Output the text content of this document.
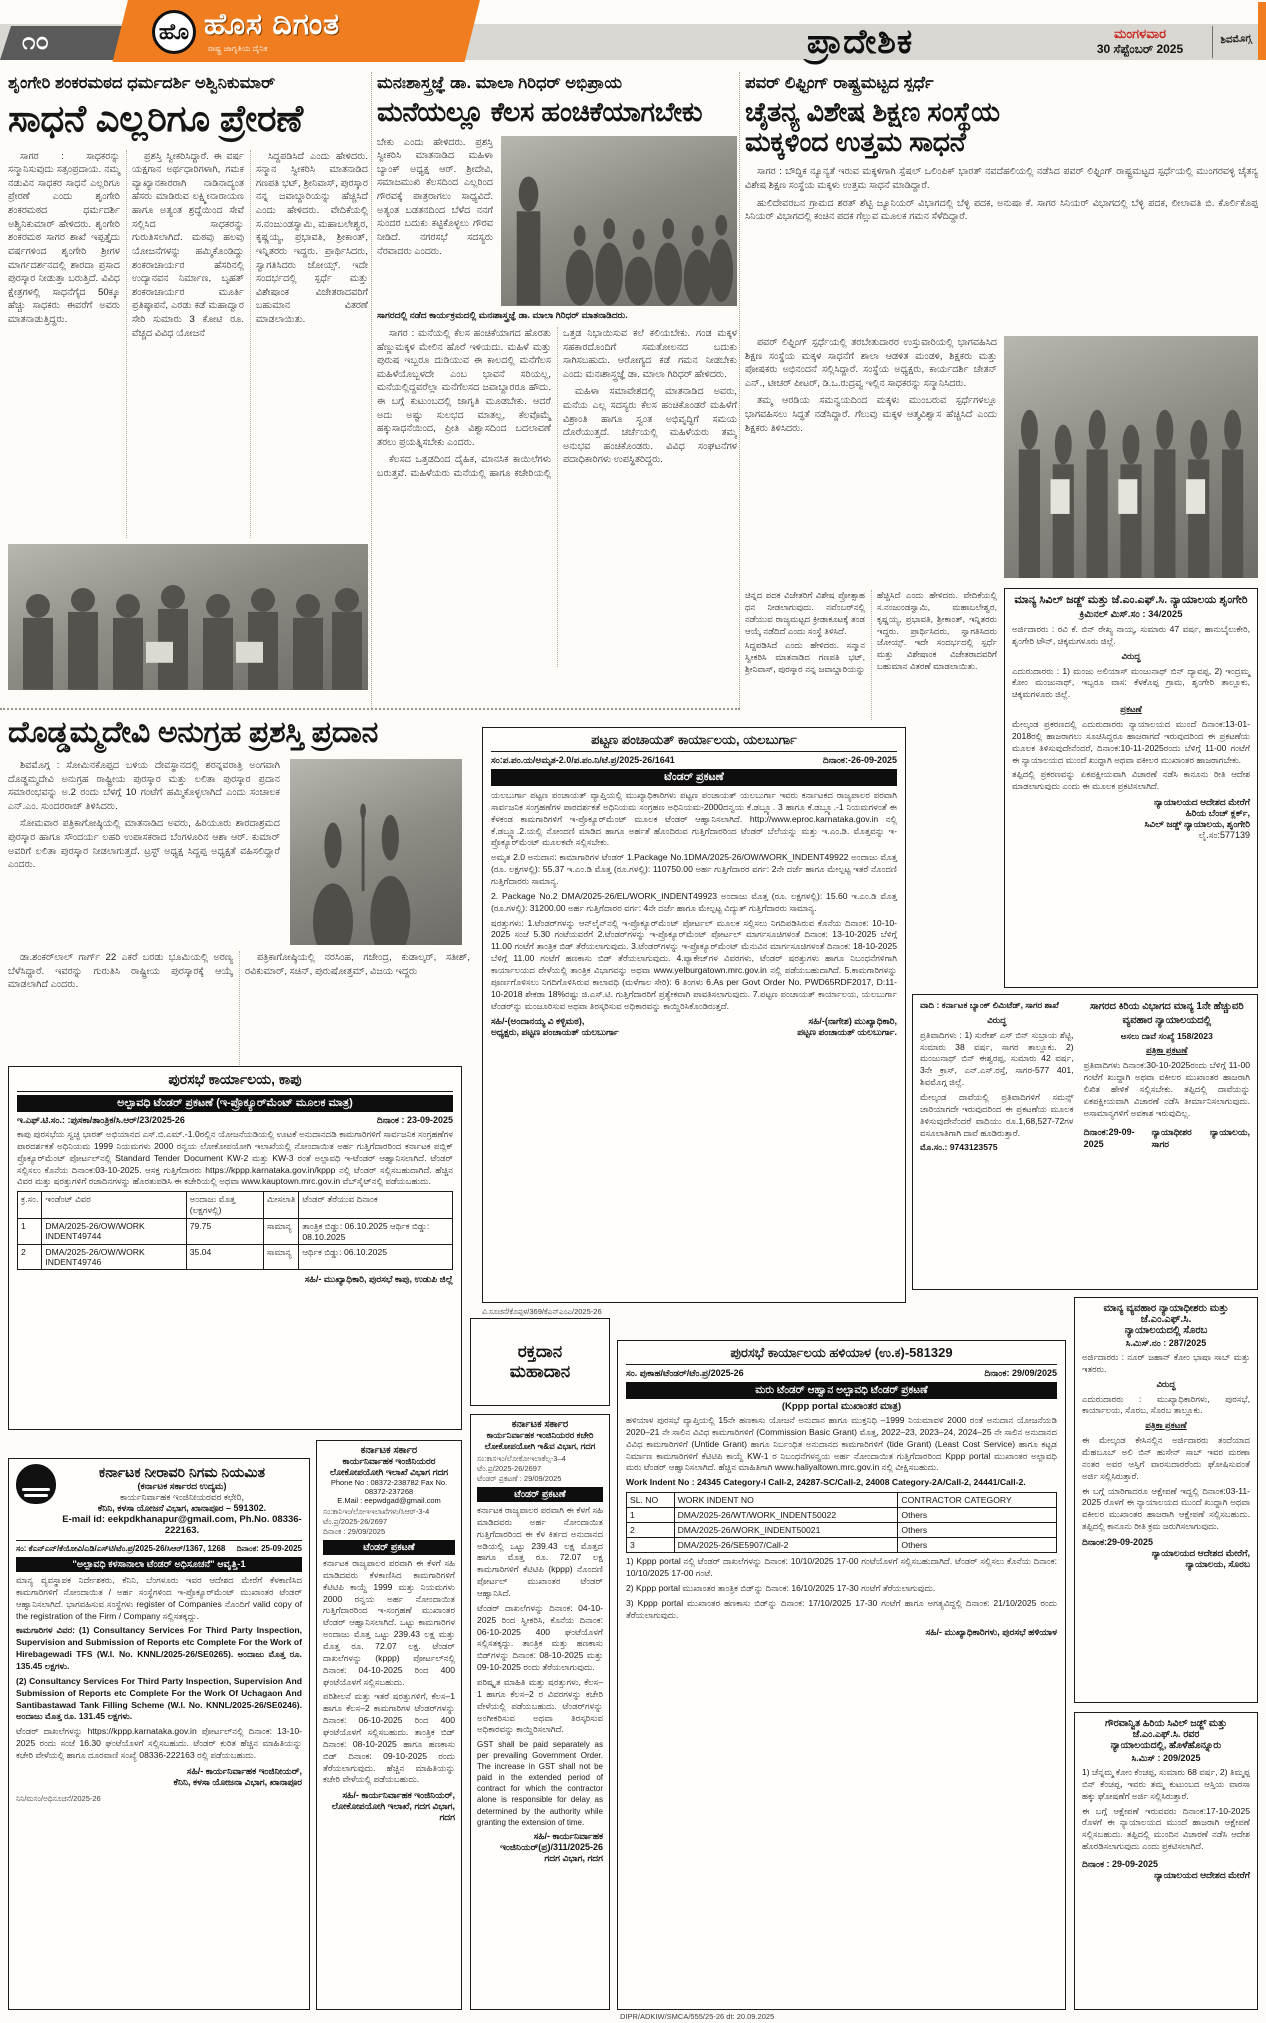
೧೦	ಹೊ ಹೊಸ ದಿಗಂತ
ರಾಷ್ಟ್ರ ಜಾಗೃತಿಯ ದೈನಿಕ	ಪ್ರಾದೇಶಿಕ	ಮಂಗಳವಾರ
30 ಸೆಪ್ಟೆಂಬರ್ 2025
ಶಿವಮೊಗ್ಗ
ಶೃಂಗೇರಿ ಶಂಕರಮಠದ ಧರ್ಮದರ್ಶಿ ಅಶ್ವಿನಿಕುಮಾರ್
ಸಾಧನೆ ಎಲ್ಲರಿಗೂ ಪ್ರೇರಣೆ

ಸಾಗರ : ಸಾಧಕರನ್ನು ಸನ್ಮಾನಿಸುವುದು ಸತ್ಸಂಪ್ರದಾಯ. ನಮ್ಮ ನಡುವಿನ ಸಾಧಕರ ಸಾಧನೆ ಎಲ್ಲರಿಗೂ ಪ್ರೇರಣೆ ಎಂದು ಶೃಂಗೇರಿ ಶಂಕರಮಠದ ಧರ್ಮದರ್ಶಿ ಅಶ್ವಿನಿಕುಮಾರ್ ಹೇಳಿದರು. ಶೃಂಗೇರಿ ಶಂಕರಮಠ ಸಾಗರ ಶಾಖೆ ಇಪ್ಪತ್ತೈದು ವರ್ಷಗಳಿಂದ ಶೃಂಗೇರಿ ಶ್ರೀಗಳ ಮಾರ್ಗದರ್ಶನದಲ್ಲಿ ಶಾರದಾ ಪ್ರಸಾದ ಪುರಸ್ಕಾರ ನೀಡುತ್ತಾ ಬರುತ್ತಿದೆ. ವಿವಿಧ ಕ್ಷೇತ್ರಗಳಲ್ಲಿ ಸಾಧನೆಗೈದ 50ಕ್ಕೂ ಹೆಚ್ಚು ಸಾಧಕರು ಈವರೆಗೆ ಅವರು ಮಾತನಾಡುತ್ತಿದ್ದರು.

ಪ್ರಶಸ್ತಿ ಸ್ವೀಕರಿಸಿದ್ದಾರೆ. ಈ ವರ್ಷ ಯಕ್ಷಗಾನ ಅರ್ಥಧಾರಿಗಳಾಗಿ, ಗಮಕ ವ್ಯಾಖ್ಯಾನಕಾರರಾಗಿ ನಾಡಿನಾದ್ಯಂತ ಹೆಸರು ಮಾಡಿರುವ ಲಕ್ಷ್ಮೀನಾರಾಯಣ ಹಾಗೂ ಅತ್ಯಂತ ಶ್ರದ್ಧೆಯಿಂದ ಸೇವೆ ಸಲ್ಲಿಸಿದ ಸಾಧಕರನ್ನು ಗುರುತಿಸಲಾಗಿದೆ. ಮಠವು ಹಲವು ಯೋಜನೆಗಳನ್ನು ಹಮ್ಮಿಕೊಂಡಿದ್ದು ಶಂಕರಾಚಾರ್ಯರ ಹೆಸರಿನಲ್ಲಿ ಉದ್ಯಾನವನ ನಿರ್ಮಾಣ, ಬೃಹತ್ ಶಂಕರಾಚಾರ್ಯರ ಮೂರ್ತಿ ಪ್ರತಿಷ್ಠಾಪನೆ, ಎರಡು ಕಡೆ ಮಹಾದ್ವಾರ ಸೇರಿ ಸುಮಾರು 3 ಕೋಟಿ ರೂ. ವೆಚ್ಚದ ವಿವಿಧ ಯೋಜನೆ

ಸಿದ್ದಪಡಿಸಿದೆ ಎಂದು ಹೇಳಿದರು. ಸನ್ಮಾನ ಸ್ವೀಕರಿಸಿ ಮಾತನಾಡಿದ ಗಣಪತಿ ಭಟ್, ಶ್ರೀನಿವಾಸ್, ಪುರಸ್ಕಾರ ನನ್ನ ಜವಾಬ್ದಾರಿಯನ್ನು ಹೆಚ್ಚಿಸಿದೆ ಎಂದು ಹೇಳಿದರು. ವೇದಿಕೆಯಲ್ಲಿ ಸ.ನಂಜುಂಡಸ್ವಾಮಿ, ಮಹಾಬಲೇಶ್ವರ, ಕೃಷ್ಣಯ್ಯ, ಪ್ರಭಾವತಿ, ಶ್ರೀಕಾಂತ್, ಇನ್ನಿತರರು ಇದ್ದರು. ಪ್ರಾರ್ಥಿಸಿದರು, ಸ್ವಾಗತಿಸಿದರು ಜೋಯ್ಸ್. ಇದೇ ಸಂದರ್ಭದಲ್ಲಿ ಸ್ಪರ್ಧೆ ಮತ್ತು ವಿಶೇಷಾಂಕ ವಿಜೇತರಾದವರಿಗೆ ಬಹುಮಾನ ವಿತರಣೆ ಮಾಡಲಾಯಿತು.

ಮನಃಶಾಸ್ತ್ರಜ್ಞೆ ಡಾ. ಮಾಲಾ ಗಿರಿಧರ್ ಅಭಿಪ್ರಾಯ
ಮನೆಯಲ್ಲೂ ಕೆಲಸ ಹಂಚಿಕೆಯಾಗಬೇಕು

ಬೇಕು ಎಂದು ಹೇಳಿದರು. ಪ್ರಶಸ್ತಿ ಸ್ವೀಕರಿಸಿ ಮಾತನಾಡಿದ ಮಹಿಳಾ ಬ್ಯಾಂಕ್ ಅಧ್ಯಕ್ಷ ಆರ್. ಶ್ರೀದೇವಿ, ಸಮಾಜಮುಖಿ ಕೆಲಸದಿಂದ ಎಲ್ಲರಿಂದ ಗೌರವಕ್ಕೆ ಪಾತ್ರರಾಗಲು ಸಾಧ್ಯವಿದೆ. ಅತ್ಯಂತ ಬಡತನದಿಂದ ಬೆಳೆದ ನನಗೆ ಸುಂದರ ಬದುಕು ಕಟ್ಟಿಕೊಳ್ಳಲು ಗೌರವ ನೀಡಿದೆ. ನಗರಸಭೆ ಸದಸ್ಯರು ನೆರವಾದರು ಎಂದರು.

ಸಾಗರದಲ್ಲಿ ನಡೆದ ಕಾರ್ಯಕ್ರಮದಲ್ಲಿ ಮನಃಶಾಸ್ತ್ರಜ್ಞೆ ಡಾ. ಮಾಲಾ ಗಿರಿಧರ್ ಮಾತನಾಡಿದರು.

ಸಾಗರ : ಮನೆಯಲ್ಲಿ ಕೆಲಸ ಹಂಚಿಕೆಯಾಗದ ಹೊರತು ಹೆಣ್ಣುಮಕ್ಕಳ ಮೇಲಿನ ಹೊರೆ ಇಳಿಯದು. ಮಹಿಳೆ ಮತ್ತು ಪುರುಷ ಇಬ್ಬರೂ ದುಡಿಯುವ ಈ ಕಾಲದಲ್ಲಿ ಮನೆಗೆಲಸ ಮಹಿಳೆಯೊಬ್ಬಳದೇ ಎಂಬ ಭಾವನೆ ಸರಿಯಲ್ಲ, ಮನೆಯಲ್ಲಿದ್ದವರೆಲ್ಲಾ ಮನೆಗೆಲಸದ ಜವಾಬ್ದಾರರೂ ಹೌದು. ಈ ಬಗ್ಗೆ ಕುಟುಂಬದಲ್ಲಿ ಜಾಗೃತಿ ಮೂಡಬೇಕು. ಆದರೆ ಅದು ಅಷ್ಟು ಸುಲಭದ ಮಾತಲ್ಲ, ಕೆಲವೊಮ್ಮೆ ಹಕ್ಕುಸಾಧನೆಯಿಂದ, ಪ್ರೀತಿ ವಿಶ್ವಾಸದಿಂದ ಬದಲಾವಣೆ ತರಲು ಪ್ರಯತ್ನಿಸಬೇಕು ಎಂದರು.

ಕೆಲಸದ ಒತ್ತಡದಿಂದ ದೈಹಿಕ, ಮಾನಸಿಕ ಕಾಯಿಲೆಗಳು ಬರುತ್ತವೆ. ಮಹಿಳೆಯರು ಮನೆಯಲ್ಲಿ ಹಾಗೂ ಕಚೇರಿಯಲ್ಲಿ ಒತ್ತಡ ನಿಭಾಯಿಸುವ ಕಲೆ ಕಲಿಯಬೇಕು. ಗಂಡ ಮಕ್ಕಳ ಸಹಕಾರದೊಂದಿಗೆ ಸಮತೋಲನದ ಬದುಕು ಸಾಗಿಸಬಹುದು. ಆರೋಗ್ಯದ ಕಡೆ ಗಮನ ನೀಡಬೇಕು ಎಂದು ಮನಃಶಾಸ್ತ್ರಜ್ಞೆ ಡಾ. ಮಾಲಾ ಗಿರಿಧರ್ ಹೇಳಿದರು.

ಮಹಿಳಾ ಸಮಾವೇಶದಲ್ಲಿ ಮಾತನಾಡಿದ ಅವರು, ಮನೆಯ ಎಲ್ಲ ಸದಸ್ಯರು ಕೆಲಸ ಹಂಚಿಕೊಂಡರೆ ಮಹಿಳೆಗೆ ವಿಶ್ರಾಂತಿ ಹಾಗೂ ಸ್ವಂತ ಅಭಿವೃದ್ಧಿಗೆ ಸಮಯ ದೊರೆಯುತ್ತದೆ. ಚರ್ಚೆಯಲ್ಲಿ ಮಹಿಳೆಯರು ತಮ್ಮ ಅನುಭವ ಹಂಚಿಕೊಂಡರು. ವಿವಿಧ ಸಂಘಟನೆಗಳ ಪದಾಧಿಕಾರಿಗಳು ಉಪಸ್ಥಿತರಿದ್ದರು.

ಪವರ್ ಲಿಫ್ಟಿಂಗ್ ರಾಷ್ಟ್ರಮಟ್ಟದ ಸ್ಪರ್ಧೆ
ಚೈತನ್ಯ ವಿಶೇಷ ಶಿಕ್ಷಣ ಸಂಸ್ಥೆಯ
ಮಕ್ಕಳಿಂದ ಉತ್ತಮ ಸಾಧನೆ

ಸಾಗರ : ಬೌದ್ಧಿಕ ನ್ಯೂನ್ಯತೆ ಇರುವ ಮಕ್ಕಳಿಗಾಗಿ ಸ್ಪೆಷಲ್ ಒಲಿಂಪಿಕ್ ಭಾರತ್ ನವದೆಹಲಿಯಲ್ಲಿ ನಡೆಸಿದ ಪವರ್ ಲಿಫ್ಟಿಂಗ್ ರಾಷ್ಟ್ರಮಟ್ಟದ ಸ್ಪರ್ಧೆಯಲ್ಲಿ ಮುಂಗರವಳ್ಳಿ ಚೈತನ್ಯ ವಿಶೇಷ ಶಿಕ್ಷಣ ಸಂಸ್ಥೆಯ ಮಕ್ಕಳು ಉತ್ತಮ ಸಾಧನೆ ಮಾಡಿದ್ದಾರೆ.

ಹುಲಿದೇವರಬನ ಗ್ರಾಮದ ಶರತ್ ಶೆಟ್ಟಿ ಜ್ಯೂನಿಯರ್ ವಿಭಾಗದಲ್ಲಿ ಬೆಳ್ಳಿ ಪದಕ, ಅನುಷಾ ಕೆ. ಸಾಗರ ಸಿನಿಯರ್ ವಿಭಾಗದಲ್ಲಿ ಬೆಳ್ಳಿ ಪದಕ, ಲೀಲಾವತಿ ಬಿ. ಕೊರ್ಲಿಕೊಪ್ಪ ಸಿನಿಯರ್ ವಿಭಾಗದಲ್ಲಿ ಕಂಚಿನ ಪದಕ ಗೆಲ್ಲುವ ಮೂಲಕ ಗಮನ ಸೆಳೆದಿದ್ದಾರೆ.

ಪವರ್ ಲಿಫ್ಟಿಂಗ್ ಸ್ಪರ್ಧೆಯಲ್ಲಿ ತರಬೇತುದಾರರ ಉಸ್ತುವಾರಿಯಲ್ಲಿ ಭಾಗವಹಿಸಿದ ಶಿಕ್ಷಣ ಸಂಸ್ಥೆಯ ಮಕ್ಕಳ ಸಾಧನೆಗೆ ಶಾಲಾ ಆಡಳಿತ ಮಂಡಳಿ, ಶಿಕ್ಷಕರು ಮತ್ತು ಪೋಷಕರು ಅಭಿನಂದನೆ ಸಲ್ಲಿಸಿದ್ದಾರೆ. ಸಂಸ್ಥೆಯ ಅಧ್ಯಕ್ಷರು, ಕಾರ್ಯದರ್ಶಿ ಚೇತನ್ ಎನ್., ಟೀಚರ್ ಪೀಟರ್, ಡಿ.ಒ.ರುದ್ರವ್ವ ಇಲ್ಲಿನ ಸಾಧಕರನ್ನು ಸನ್ಮಾನಿಸಿದರು.

ತಮ್ಮ ಆರಡಿಯ ಸಮನ್ವಯದಿಂದ ಮಕ್ಕಳು ಮುಂಬರುವ ಸ್ಪರ್ಧೆಗಳಲ್ಲೂ ಭಾಗವಹಿಸಲು ಸಿದ್ಧತೆ ನಡೆಸಿದ್ದಾರೆ. ಗೆಲುವು ಮಕ್ಕಳ ಆತ್ಮವಿಶ್ವಾಸ ಹೆಚ್ಚಿಸಿದೆ ಎಂದು ಶಿಕ್ಷಕರು ತಿಳಿಸಿದರು.

ಚಿನ್ನದ ಪದಕ ವಿಜೇತರಿಗೆ ವಿಶೇಷ ಪ್ರೋತ್ಸಾಹ ಧನ ನೀಡಲಾಗುವುದು. ನವೆಂಬರ್‌ನಲ್ಲಿ ನಡೆಯುವ ರಾಜ್ಯಮಟ್ಟದ ಕ್ರೀಡಾಕೂಟಕ್ಕೆ ತಂಡ ಆಯ್ಕೆ ನಡೆದಿದೆ ಎಂದು ಸಂಸ್ಥೆ ತಿಳಿಸಿದೆ.

ಸಿದ್ದಪಡಿಸಿದೆ ಎಂದು ಹೇಳಿದರು. ಸನ್ಮಾನ ಸ್ವೀಕರಿಸಿ ಮಾತನಾಡಿದ ಗಣಪತಿ ಭಟ್, ಶ್ರೀನಿವಾಸ್, ಪುರಸ್ಕಾರ ನನ್ನ ಜವಾಬ್ದಾರಿಯನ್ನು ಹೆಚ್ಚಿಸಿದೆ ಎಂದು ಹೇಳಿದರು. ವೇದಿಕೆಯಲ್ಲಿ ಸ.ನಂಜುಂಡಸ್ವಾಮಿ, ಮಹಾಬಲೇಶ್ವರ, ಕೃಷ್ಣಯ್ಯ, ಪ್ರಭಾವತಿ, ಶ್ರೀಕಾಂತ್, ಇನ್ನಿತರರು ಇದ್ದರು. ಪ್ರಾರ್ಥಿಸಿದರು, ಸ್ವಾಗತಿಸಿದರು ಜೋಯ್ಸ್. ಇದೇ ಸಂದರ್ಭದಲ್ಲಿ ಸ್ಪರ್ಧೆ ಮತ್ತು ವಿಶೇಷಾಂಕ ವಿಜೇತರಾದವರಿಗೆ ಬಹುಮಾನ ವಿತರಣೆ ಮಾಡಲಾಯಿತು.

ಮಾನ್ಯ ಸಿವಿಲ್ ಜಡ್ಜ್ ಮತ್ತು ಜೆ.ಎಂ.ಎಫ್.ಸಿ. ನ್ಯಾಯಾಲಯ ಶೃಂಗೇರಿ
ಕ್ರಿಮಿನಲ್ ಮಿಸ್.ಸಂ : 34/2025

ಅರ್ಜಿದಾರರು : ರವಿ ಕೆ. ಬಿನ್ ರೇಖ್ಯ ನಾಯ್ಕ, ಸುಮಾರು 47 ವರ್ಷ, ಹಾನುಬೈಲುಕೇರಿ, ಶೃಂಗೇರಿ ಟೌನ್, ಚಿಕ್ಕಮಗಳೂರು ಜಿಲ್ಲೆ.

ವಿರುದ್ಧ

ಎದುರುದಾರರು : 1) ಮಂಜು ಅಲಿಯಾಸ್ ಮಂಜುನಾಥ್ ಬಿನ್ ದ್ಯಾವಪ್ಪ, 2) ಇಂದ್ರಮ್ಮ ಕೋಂ ಮಂಜುನಾಥ್, ಇಬ್ಬರೂ ವಾಸ: ಕೆಳಕೊಪ್ಪ ಗ್ರಾಮ, ಶೃಂಗೇರಿ ತಾಲ್ಲೂಕು, ಚಿಕ್ಕಮಗಳೂರು ಜಿಲ್ಲೆ.

ಪ್ರಕಟಣೆ

ಮೇಲ್ಕಂಡ ಪ್ರಕರಣದಲ್ಲಿ ಎದುರುದಾರರು ನ್ಯಾಯಾಲಯದ ಮುಂದೆ ದಿನಾಂಕ:13-01-2018ರಲ್ಲಿ ಹಾಜರಾಗಲು ಸೂಚಿಸಿದ್ದರೂ ಹಾಜರಾಗದೆ ಇರುವುದರಿಂದ ಈ ಪ್ರಕಟಣೆಯ ಮೂಲಕ ತಿಳಿಸುವುದೇನೆಂದರೆ, ದಿನಾಂಕ:10-11-2025ರಂದು ಬೆಳಿಗ್ಗೆ 11-00 ಗಂಟೆಗೆ ಈ ನ್ಯಾಯಾಲಯದ ಮುಂದೆ ಖುದ್ದಾಗಿ ಅಥವಾ ವಕೀಲರ ಮುಖಾಂತರ ಹಾಜರಾಗಬೇಕು.

ತಪ್ಪಿದಲ್ಲಿ ಪ್ರಕರಣವನ್ನು ಏಕಪಕ್ಷೀಯವಾಗಿ ವಿಚಾರಣೆ ನಡೆಸಿ ಕಾನೂನು ರೀತಿ ಆದೇಶ ಮಾಡಲಾಗುವುದು ಎಂದು ಈ ಮೂಲಕ ಪ್ರಕಟಿಸಲಾಗಿದೆ.

ನ್ಯಾಯಾಲಯದ ಆದೇಶದ ಮೇರೆಗೆ
ಹಿರಿಯ ಬೆಂಚ್ ಕ್ಲರ್ಕ್,
ಸಿವಿಲ್ ಜಡ್ಜ್ ನ್ಯಾಯಾಲಯ, ಶೃಂಗೇರಿ
ಲೈ.ಸಂ:577139
ದೊಡ್ಡಮ್ಮದೇವಿ ಅನುಗ್ರಹ ಪ್ರಶಸ್ತಿ ಪ್ರದಾನ

ಶಿವಮೊಗ್ಗ : ಸೋಮಿನಕೊಪ್ಪದ ಬಳಿಯ ದೇವಸ್ಥಾನದಲ್ಲಿ ಶರನ್ನವರಾತ್ರಿ ಅಂಗವಾಗಿ ದೊಡ್ಡಮ್ಮದೇವಿ ಅನುಗ್ರಹ ರಾಷ್ಟ್ರೀಯ ಪುರಸ್ಕಾರ ಮತ್ತು ಲಲಿತಾ ಪುರಸ್ಕಾರ ಪ್ರದಾನ ಸಮಾರಂಭವನ್ನು ಅ.2 ರಂದು ಬೆಳಗ್ಗೆ 10 ಗಂಟೆಗೆ ಹಮ್ಮಿಕೊಳ್ಳಲಾಗಿದೆ ಎಂದು ಸಂಚಾಲಕ ಎನ್.ಎಂ. ಸುಂದರರಾಜ್ ತಿಳಿಸಿದರು.

ಸೋಮವಾರ ಪತ್ರಿಕಾಗೋಷ್ಠಿಯಲ್ಲಿ ಮಾತನಾಡಿದ ಅವರು, ಹಿರಿಯೂರು ಶಾರದಾಶ್ರಮದ ಪುರಸ್ಕಾರ ಹಾಗೂ ಸೌಂದರ್ಯ ಲಹರಿ ಉಪಾಸಕರಾದ ಬೆಂಗಳೂರಿನ ಆಶಾ ಆರ್. ಕುಮಾರ್ ಅವರಿಗೆ ಲಲಿತಾ ಪುರಸ್ಕಾರ ನೀಡಲಾಗುತ್ತದೆ. ಟ್ರಸ್ಟ್ ಅಧ್ಯಕ್ಷ ಸಿದ್ದಪ್ಪ ಅಧ್ಯಕ್ಷತೆ ವಹಿಸಲಿದ್ದಾರೆ ಎಂದರು.

ಡಾ.ಶಂಕರ್‌ಲಾಲ್ ಗಾರ್ಗ್ 22 ಎಕರೆ ಬರಡು ಭೂಮಿಯಲ್ಲಿ ಅರಣ್ಯ ಬೆಳೆಸಿದ್ದಾರೆ. ಇವರನ್ನು ಗುರುತಿಸಿ ರಾಷ್ಟ್ರೀಯ ಪುರಸ್ಕಾರಕ್ಕೆ ಆಯ್ಕೆ ಮಾಡಲಾಗಿದೆ ಎಂದರು.

ಪತ್ರಿಕಾಗೋಷ್ಠಿಯಲ್ಲಿ ನರಸಿಂಹ, ಗಜೇಂದ್ರ, ಕುಡಾಲ್ಕರ್, ಸತೀಶ್, ರವಿಕುಮಾರ್, ಸಚಿನ್, ಪುರುಷೋತ್ತಮ್, ವಿಜಯ ಇದ್ದರು

ಪಟ್ಟಣ ಪಂಚಾಯತ್ ಕಾರ್ಯಾಲಯ, ಯಲಬುರ್ಗಾ
ಸಂ:ಪ.ಪಂ.ಯ/ಅಮೃತ-2.0/ಪ.ಪಂ.ನಿ/ಟೆ.ಪ್ರ/2025-26/1641	ದಿನಾಂಕ:-26-09-2025
ಟೆಂಡರ್ ಪ್ರಕಟಣೆ

ಯಲಬುರ್ಗಾ ಪಟ್ಟಣ ಪಂಚಾಯತ್ ವ್ಯಾಪ್ತಿಯಲ್ಲಿ ಮುಖ್ಯಾಧಿಕಾರಿಗಳು ಪಟ್ಟಣ ಪಂಚಾಯತ್ ಯಲಬುರ್ಗಾ ಇವರು ಕರ್ನಾಟಕದ ರಾಜ್ಯಪಾಲರ ಪರವಾಗಿ ಸಾರ್ವಜನಿಕ ಸಂಗ್ರಹಣೆಗಳ ಪಾರದರ್ಶಕತೆ ಅಧಿನಿಯಮ ಸಂಗ್ರಹಣ ಅಧಿನಿಯಮ-2000ದನ್ವಯ ಕೆ.ಡಬ್ಲ್ಯೂ. 3 ಹಾಗೂ ಕೆ.ಡಬ್ಲ್ಯೂ.-1 ನಿಯಮಗಳಂತೆ ಈ ಕೆಳಕಂಡ ಕಾಮಗಾರಿಗಳಿಗೆ ಇ-ಪ್ರೊಕ್ಯೂರ್‌ಮೆಂಟ್ ಮೂಲಕ ಟೆಂಡರ್ ಆಹ್ವಾನಿಸಲಾಗಿದೆ. http://www.eproc.karnataka.gov.in ನಲ್ಲಿ ಕೆ.ಡಬ್ಲ್ಯೂ.2.ಯಲ್ಲಿ ನೋಂದಣಿ ಮಾಡಿದ ಹಾಗೂ ಅರ್ಹತೆ ಹೊಂದಿರುವ ಗುತ್ತಿಗೆದಾರರಿಂದ ಟೆಂಡರ್ ಬೆಲೆಯನ್ನು ಮತ್ತು ಇ.ಎಂ.ಡಿ. ಮೊತ್ತವನ್ನು ಇ-ಪ್ರೊಕ್ಯೂರ್‌ಮೆಂಟ್ ಮೂಲಕವೇ ಸಲ್ಲಿಸಬೇಕು.

ಅಮೃತ 2.0 ಅನುದಾನ: ಕಾಮಾಗಾರಿಗಳ ಟೆಂಡರ್ 1.Package No.1DMA/2025-26/OW/WORK_INDENT49922 ಅಂದಾಜು ಮೊತ್ತ (ರೂ. ಲಕ್ಷಗಳಲ್ಲಿ): 55.37 ಇ.ಎಂ.ಡಿ ಮೊತ್ತ (ರೂ.ಗಳಲ್ಲಿ): 110750.00 ಅರ್ಹ ಗುತ್ತಿಗೆದಾರರ ವರ್ಗ: 2ನೇ ದರ್ಜೆ ಹಾಗೂ ಮೇಲ್ಪಟ್ಟ ಇತರೆ ನೊಂದಣಿ ಗುತ್ತಿಗೆದಾರರು ಸಾಮಾನ್ಯ.

2. Package No.2 DMA/2025-26/EL/WORK_INDENT49923 ಅಂದಾಜು ಮೊತ್ತ (ರೂ. ಲಕ್ಷಗಳಲ್ಲಿ): 15.60 ಇ.ಎಂ.ಡಿ ಮೊತ್ತ (ರೂ.ಗಳಲ್ಲಿ): 31200.00 ಅರ್ಹ ಗುತ್ತಿಗೆದಾರರ ವರ್ಗ: 4ನೇ ದರ್ಜೆ ಹಾಗೂ ಮೇಲ್ಪಟ್ಟ ವಿದ್ಯುತ್ ಗುತ್ತಿಗೆದಾರರು ಸಾಮಾನ್ಯ.

ಷರತ್ತುಗಳು: 1.ಟೆಂಡರ್‌ಗಳನ್ನು ಆನ್‌ಲೈನ್‌ನಲ್ಲಿ ಇ-ಪ್ರೊಕ್ಯೂರ್‌ಮೆಂಟ್ ಪೋರ್ಟಲ್ ಮೂಲಕ ಸಲ್ಲಿಸಲು ನಿಗದಿಪಡಿಸಿರುವ ಕೊನೆಯ ದಿನಾಂಕ: 10-10-2025 ಸಂಜೆ 5.30 ಗಂಟೆಯವರೆಗೆ 2.ಟೆಂಡರ್‌ಗಳನ್ನು ಇ-ಪ್ರೊಕ್ಯೂರ್‌ಮೆಂಟ್ ಪೋರ್ಟಲ್ ಮಾರ್ಗಸೂಚಿಗಳಂತೆ ದಿನಾಂಕ: 13-10-2025 ಬೆಳಿಗ್ಗೆ 11.00 ಗಂಟೆಗೆ ತಾಂತ್ರಿಕ ಬಿಡ್ ತೆರೆಯಲಾಗುವುದು. 3.ಟೆಂಡರ್‌ಗಳನ್ನು ಇ-ಪ್ರೊಕ್ಯೂರ್‌ಮೆಂಟ್ ಮೆನುವಿನ ಮಾರ್ಗಸೂಚಿಗಳಂತೆ ದಿನಾಂಕ: 18-10-2025 ಬೆಳಿಗ್ಗೆ 11.00 ಗಂಟೆಗೆ ಹಣಕಾಸು ಬಿಡ್ ತೆರೆಯಲಾಗುವುದು. 4.ಪ್ಯಾಕೇಜ್‌ಗಳ ವಿವರಗಳು, ಟೆಂಡರ್ ಷರತ್ತುಗಳು ಹಾಗೂ ನಿಬಂಧನೆಗಳಿಗಾಗಿ ಕಾರ್ಯಾಲಯದ ವೇಳೆಯಲ್ಲಿ ತಾಂತ್ರಿಕ ವಿಭಾಗವನ್ನು ಅಥವಾ www.yelburgatown.mrc.gov.in ನಲ್ಲಿ ಪಡೆಯಬಹುದಾಗಿದೆ. 5.ಕಾಮಗಾರಿಗಳನ್ನು ಪೂರ್ಣಗೊಳಿಸಲು ನಿಗದಿಗೊಳಿಸಿರುವ ಕಾಲಾವಧಿ (ಮಳೆಗಾಲ ಸೇರಿ): 6 ತಿಂಗಳು 6.As per Govt Order No. PWD65RDF2017, D:11-10-2018 ಶೇಕಡಾ 18%ರಷ್ಟು ಜಿ.ಎಸ್.ಟಿ. ಗುತ್ತಿಗೆದಾರರಿಗೆ ಪ್ರತ್ಯೇಕವಾಗಿ ಪಾವತಿಸಲಾಗುವುದು. 7.ಪಟ್ಟಣ ಪಂಚಾಯತ್ ಕಾರ್ಯಾಲಯ, ಯಲಬುರ್ಗಾ ಟೆಂಡರ್‌ನ್ನು ಮಂಜೂರಿಸುವ ಅಥವಾ ತಿರಸ್ಕರಿಸುವ ಅಧಿಕಾರವನ್ನು ಕಾಯ್ದಿರಿಸಿಕೊಂಡಿರುತ್ತದೆ.

ಸಹಿ/-(ಅಂದಾನಯ್ಯ ವಿ ಕಳ್ಳಿಮಠ),
ಅಧ್ಯಕ್ಷರು, ಪಟ್ಟಣ ಪಂಚಾಯತ್ ಯಲಬುರ್ಗಾ
ಸಹಿ/-(ನಾಗೇಶ) ಮುಖ್ಯಾಧಿಕಾರಿ,
ಪಟ್ಟಣ ಪಂಚಾಯತ್ ಯಲಬುರ್ಗಾ.
ವಿ.ಸೂಚನೆ/ಕೊಪ್ಪಳ/369/ಕೆಎನ್ಎಂಎ/2025-26

ವಾದಿ : ಕರ್ನಾಟಕ ಬ್ಯಾಂಕ್ ಲಿಮಿಟೆಡ್, ಸಾಗರ ಶಾಖೆ

ವಿರುದ್ಧ

ಪ್ರತಿವಾದಿಗಳು : 1) ಸುರೇಶ್ ಎಸ್ ಬಿನ್ ಸುಬ್ರಾಯ ಶೆಟ್ಟಿ, ಸುಮಾರು 38 ವರ್ಷ, ಸಾಗರ ತಾಲ್ಲೂಕು. 2) ಮಂಜುನಾಥ್ ಬಿನ್ ಈಶ್ವರಪ್ಪ, ಸುಮಾರು 42 ವರ್ಷ, 3ನೇ ಕ್ರಾಸ್, ಎನ್.ಎಸ್.ರಸ್ತೆ, ಸಾಗರ-577 401, ಶಿವಮೊಗ್ಗ ಜಿಲ್ಲೆ.

ಮೇಲ್ಕಂಡ ದಾವೆಯಲ್ಲಿ ಪ್ರತಿವಾದಿಗಳಿಗೆ ಸಮನ್ಸ್ ಜಾರಿಯಾಗದೇ ಇರುವುದರಿಂದ ಈ ಪ್ರಕಟಣೆಯ ಮೂಲಕ ತಿಳಿಸುವುದೇನೆಂದರೆ ವಾದಿಯು ರೂ.1,68,527-72ಗಳ ವಸೂಲಾತಿಗಾಗಿ ದಾವೆ ಹೂಡಿರುತ್ತಾರೆ.

ಮೊ.ಸಂ.: 9743123575

ಸಾಗರದ ಕಿರಿಯ ವಿಭಾಗದ ಮಾನ್ಯ 1ನೇ ಹೆಚ್ಚುವರಿ ವ್ಯವಹಾರ ನ್ಯಾಯಾಲಯದಲ್ಲಿ

ಅಸಲು ದಾವೆ ಸಂಖ್ಯೆ 158/2023

ಪತ್ರಿಕಾ ಪ್ರಕಟಣೆ

ಪ್ರತಿವಾದಿಗಳು ದಿನಾಂಕ:30-10-2025ರಂದು ಬೆಳಿಗ್ಗೆ 11-00 ಗಂಟೆಗೆ ಖುದ್ದಾಗಿ ಅಥವಾ ವಕೀಲರ ಮುಖಾಂತರ ಹಾಜರಾಗಿ ಲಿಖಿತ ಹೇಳಿಕೆ ಸಲ್ಲಿಸಬೇಕು. ತಪ್ಪಿದಲ್ಲಿ ದಾವೆಯನ್ನು ಏಕಪಕ್ಷೀಯವಾಗಿ ವಿಚಾರಣೆ ನಡೆಸಿ ತೀರ್ಮಾನಿಸಲಾಗುವುದು. ಅಸಾಮಾನ್ಯಗಳಿಗೆ ಅವಕಾಶ ಇರುವುದಿಲ್ಲ.

ದಿನಾಂಕ:29-09-2025
ನ್ಯಾಯಾಧೀಶರ ನ್ಯಾಯಾಲಯ, ಸಾಗರ
ಪುರಸಭೆ ಕಾರ್ಯಾಲಯ, ಕಾಪು
ಅಲ್ಪಾವಧಿ ಟೆಂಡರ್ ಪ್ರಕಟಣೆ (ಇ-ಪ್ರೊಕ್ಯೂರ್‌ಮೆಂಟ್ ಮೂಲಕ ಮಾತ್ರ)
ಇ.ಎಫ್.ಟಿ.ಸಂ.: :ಪುಸಕಾ/ತಾಂತ್ರಿಕ/ಸಿ.ಆರ್/23/2025-26	ದಿನಾಂಕ : 23-09-2025

ಕಾಪು ಪುರಸಭೆಯ ಸ್ವಚ್ಛ ಭಾರತ್ ಅಭಿಯಾನದ ಎಸ್.ಬಿ.ಎಮ್.-1.0ರಲ್ಲಿನ ಯೋಜನೆಯಡಿಯಲ್ಲಿ ಊಟಕೆ ಅನುದಾನದಡಿ ಕಾಮಗಾರಿಗಳಿಗೆ ಸಾರ್ವಜನಿಕ ಸಂಗ್ರಹಣೆಗಳ ಪಾರದರ್ಶಕತೆ ಅಧಿನಿಯಮ 1999 ನಿಯಮಗಳು 2000 ರನ್ವಯ ಲೋಕೋಪಯೋಗಿ ಇಲಾಖೆಯಲ್ಲಿ ನೋಂದಾಯಿತ ಅರ್ಹ ಗುತ್ತಿಗೆದಾರರಿಂದ ಕರ್ನಾಟಕ ಪಬ್ಲಿಕ್ ಪ್ರೊಕ್ಯೂರ್‌ಮೆಂಟ್ ಪೋರ್ಟಲ್‌ನಲ್ಲಿ Standard Tender Document KW-2 ಮತ್ತು KW-3 ರಂತೆ ಅಲ್ಪಾವಧಿ ಇ-ಟೆಂಡರ್ ಆಹ್ವಾನಿಸಲಾಗಿದೆ. ಟೆಂಡರ್ ಸಲ್ಲಿಸಲು ಕೊನೆಯ ದಿನಾಂಕ:03-10-2025. ಆಸಕ್ತ ಗುತ್ತಿಗೆದಾರರು https://kppp.karnataka.gov.in/kppp ನಲ್ಲಿ ಟೆಂಡರ್ ಸಲ್ಲಿಸಬಹುದಾಗಿದೆ. ಹೆಚ್ಚಿನ ವಿವರ ಮತ್ತು ಷರತ್ತುಗಳಿಗೆ ರಜಾದಿನಗಳನ್ನು ಹೊರತುಪಡಿಸಿ ಈ ಕಚೇರಿಯಲ್ಲಿ ಅಥವಾ www.kauptown.mrc.gov.in ವೆಬ್‌ಸೈಟ್‌ನಲ್ಲಿ ಪಡೆಯಬಹುದು.

ಕ್ರ.ಸಂ.	ಇಂಡೆಂಟ್ ವಿವರ	ಅಂದಾಜು ಮೊತ್ತ (ಲಕ್ಷಗಳಲ್ಲಿ)	ಮೀಸಲಾತಿ	ಟೆಂಡರ್ ತೆರೆಯುವ ದಿನಾಂಕ
1	DMA/2025-26/OW/WORK INDENT49744	79.75	ಸಾಮಾನ್ಯ	ತಾಂತ್ರಿಕ ಬಿಡ್ಡು: 06.10.2025 ಆರ್ಥಿಕ ಬಿಡ್ಡು: 08.10.2025
2	DMA/2025-26/OW/WORK INDENT49746	35.04	ಸಾಮಾನ್ಯ	ಆರ್ಥಿಕ ಬಿಡ್ಡು: 06.10.2025
ಸಹಿ/- ಮುಖ್ಯಾಧಿಕಾರಿ, ಪುರಸಭೆ ಕಾಪು, ಉಡುಪಿ ಜಿಲ್ಲೆ
ಮಾನ್ಯ ವ್ಯವಹಾರ ನ್ಯಾಯಾಧೀಶರು ಮತ್ತು ಜೆ.ಎಂ.ಎಫ್.ಸಿ.
ನ್ಯಾಯಾಲಯದಲ್ಲಿ ಸೊರಬ
ಸಿ.ಮಿಸ್.ನಂ : 287/2025

ಅರ್ಜಿದಾರರು : ನೂರ್ ಜಹಾನ್ ಕೋಂ ಭಾಷಾ ಸಾಬ್ ಮತ್ತು ಇತರರು.

ವಿರುದ್ಧ

ಎದುರುದಾರರು : ಮುಖ್ಯಾಧಿಕಾರಿಗಳು, ಪುರಸಭೆ, ಕಾರ್ಯಾಲಯ, ಸೊರಬ, ಸೊರಬ ತಾಲ್ಲೂಕು.

ಪತ್ರಿಕಾ ಪ್ರಕಟಣೆ

ಈ ಮೇಲ್ಕಂಡ ಕೇಸಿನಲ್ಲಿನ ಅರ್ಜಿದಾರರು ತಂದೆಯಾದ ಮೆಹಬೂಬ್ ಅಲಿ ಬಿನ್ ಹುಸೇನ್ ಸಾಬ್ ಇವರ ಮರಣಾ ನಂತರ ಅವರ ಆಸ್ತಿಗೆ ವಾರಸುದಾರರೆಂದು ಘೋಷಿಸುವಂತೆ ಅರ್ಜಿ ಸಲ್ಲಿಸಿರುತ್ತಾರೆ.

ಈ ಬಗ್ಗೆ ಯಾರಿಗಾದರೂ ಆಕ್ಷೇಪಣೆ ಇದ್ದಲ್ಲಿ ದಿನಾಂಕ:03-11-2025 ರೊಳಗೆ ಈ ನ್ಯಾಯಾಲಯದ ಮುಂದೆ ಖುದ್ದಾಗಿ ಅಥವಾ ವಕೀಲರ ಮುಖಾಂತರ ಹಾಜರಾಗಿ ಆಕ್ಷೇಪಣೆ ಸಲ್ಲಿಸಬಹುದು. ತಪ್ಪಿದಲ್ಲಿ ಕಾನೂನು ರೀತಿ ಕ್ರಮ ಜರುಗಿಸಲಾಗುವುದು.

ದಿನಾಂಕ:29-09-2025
ನ್ಯಾಯಾಲಯದ ಆದೇಶದ ಮೇರೆಗೆ,
ನ್ಯಾಯಾಲಯ, ಸೊರಬ
ರಕ್ತದಾನ
ಮಹಾದಾನ
ಪುರಸಭೆ ಕಾರ್ಯಾಲಯ ಹಳಿಯಾಳ (ಉ.ಕ)-581329
ಸಂ. ಪುಕಾಹ/ಟೆಂಡರ್/ಟೆಂ.ಪ್ರ/2025-26	ದಿನಾಂಕ: 29/09/2025
ಮರು ಟೆಂಡರ್ ಆಹ್ವಾನ ಅಲ್ಪಾವಧಿ ಟೆಂಡರ್ ಪ್ರಕಟಣೆ
(Kppp portal ಮುಖಾಂತರ ಮಾತ್ರ)

ಹಳಿಯಾಳ ಪುರಸಭೆ ವ್ಯಾಪ್ತಿಯಲ್ಲಿ 15ನೇ ಹಣಕಾಸು ಯೋಜನೆ ಅನುದಾನ ಹಾಗೂ ಮುಕ್ತನಿಧಿ –1999 ನಿಯಮಾವಳಿ 2000 ರಂತೆ ಅನುದಾನ ಯೋಜನೆಯಡಿ 2020–21 ನೇ ಸಾಲಿನ ವಿವಿಧ ಕಾಮಗಾರಿಗಳಿಗೆ (Commission Basic Grant) ಮೊತ್ತ, 2022–23, 2023–24, 2024–25 ನೇ ಸಾಲಿನ ಅನುದಾನದ ವಿವಿಧ ಕಾಮಗಾರಿಗಳಿಗೆ (Untide Grant) ಹಾಗೂ ನಿರ್ಬಂಧಿತ ಅನುದಾನದ ಕಾಮಗಾರಿಗಳಿಗೆ (tide Grant) (Least Cost Service) ಹಾಗೂ ಕಟ್ಟಡ ನಿರ್ಮಾಣ ಕಾಮಗಾರಿಗಳಿಗೆ ಕೆಟಿಟಿಪಿ ಕಾಯ್ದೆ KW-1 ರ ನಿಬಂಧನೆಗಳನ್ವಯ ಅರ್ಹ ನೋಂದಾಯಿತ ಗುತ್ತಿಗೆದಾರರಿಂದ Kppp portal ಮುಖಾಂತರ ಅಲ್ಪಾವಧಿ ಮರು ಟೆಂಡರ್ ಆಹ್ವಾನಿಸಲಾಗಿದೆ. ಹೆಚ್ಚಿನ ಮಾಹಿತಿಗಾಗಿ www.haliyaltown.mrc.gov.in ನಲ್ಲಿ ವೀಕ್ಷಿಸಬಹುದು.

Work Indent No : 24345 Category-I Call-2, 24287-SC/Call-2, 24008 Category-2A/Call-2, 24441/Call-2.

SL. NO	WORK INDENT NO	CONTRACTOR CATEGORY
1	DMA/2025-26/WT/WORK_INDENT50022	Others
2	DMA/2025-26/WORK_INDENT50021	Others
3	DMA/2025-26/SE5907/Call-2	Others

1) Kppp portal ನಲ್ಲಿ ಟೆಂಡರ್ ದಾಖಲೆಗಳನ್ನು ದಿನಾಂಕ: 10/10/2025 17-00 ಗಂಟೆಯೊಳಗೆ ಸಲ್ಲಿಸಬಹುದಾಗಿದೆ. ಟೆಂಡರ್ ಸಲ್ಲಿಸಲು ಕೊನೆಯ ದಿನಾಂಕ: 10/10/2025 17-00 ಗಂಟೆ.

2) Kppp portal ಮುಖಾಂತರ ತಾಂತ್ರಿಕ ಬಿಡ್‌ನ್ನು ದಿನಾಂಕ: 16/10/2025 17-30 ಗಂಟೆಗೆ ತೆರೆಯಲಾಗುವುದು.

3) Kppp portal ಮುಖಾಂತರ ಹಣಕಾಸು ಬಿಡ್‌ನ್ನು ದಿನಾಂಕ: 17/10/2025 17-30 ಗಂಟೆಗೆ ಹಾಗೂ ಅಗತ್ಯವಿದ್ದಲ್ಲಿ ದಿನಾಂಕ: 21/10/2025 ರಂದು ತೆರೆಯಲಾಗುವುದು.

ಸಹಿ/- ಮುಖ್ಯಾಧಿಕಾರಿಗಳು, ಪುರಸಭೆ ಹಳಿಯಾಳ
ಕರ್ನಾಟಕ ನೀರಾವರಿ ನಿಗಮ ನಿಯಮಿತ
(ಕರ್ನಾಟಕ ಸರ್ಕಾರದ ಉದ್ಯಮ)
ಕಾರ್ಯನಿರ್ವಾಹಕ ಇಂಜಿನೀಯರವರ ಕಛೇರಿ,
ಕೆನಿನಿ, ಕಳಸಾ ಯೋಜನೆ ವಿಭಾಗ, ಖಾನಾಪೂರ – 591302.
E-mail id: eekpdkhanapur@gmail.com, Ph.No. 08336-222163.
ಸಂ: ಕೆಎನ್‌ಎನ್/ಕೆಯೋವಿ/ಎಡಿ/ಎಸ್‌ಟಿ/ಟೆಂ.ಪ್ರ/2025-26/ಸಿಆರ್/1367, 1268 ದಿನಾಂಕ: 25-09-2025
"ಅಲ್ಪಾವಧಿ ಕಳಸಾನಾಲಾ ಟೆಂಡರ್ ಅಧಿಸೂಚನೆ" ಆವೃತ್ತಿ-1

ಮಾನ್ಯ ವ್ಯವಸ್ಥಾಪಕ ನಿರ್ದೇಶಕರು, ಕೆನಿನಿ, ಬೆಂಗಳೂರು ಇವರ ಆದೇಶದ ಮೇರೆಗೆ ಕೆಳಕಾಣಿಸಿದ ಕಾಮಗಾರಿಗಳಿಗೆ ನೋಂದಾಯಿತ / ಅರ್ಹ ಸಂಸ್ಥೆಗಳಿಂದ ಇ-ಪ್ರೊಕ್ಯೂರ್‌ಮೆಂಟ್ ಮುಖಾಂತರ ಟೆಂಡರ್ ಆಹ್ವಾನಿಸಲಾಗಿದೆ. ಭಾಗವಹಿಸುವ ಸಂಸ್ಥೆಗಳು register of Companies ನೊಂದಿಗೆ valid copy of the registration of the Firm / Company ಸಲ್ಲಿಸತಕ್ಕದ್ದು.

ಕಾಮಗಾರಿಗಳ ವಿವರ: (1) Consultancy Services For Third Party Inspection, Supervision and Submission of Reports etc Complete For the Work of Hirebagewadi TFS (W.I. No. KNNL/2025-26/SE0265). ಅಂದಾಜು ಮೊತ್ತ ರೂ. 135.45 ಲಕ್ಷಗಳು.

(2) Consultancy Services For Third Party Inspection, Supervision And Submission of Reports etc Complete For the Work Of Uchagaon And Santibastawad Tank Filling Scheme (W.I. No. KNNL/2025-26/SE0246). ಅಂದಾಜು ಮೊತ್ತ ರೂ. 131.45 ಲಕ್ಷಗಳು.

ಟೆಂಡರ್ ದಾಖಲೆಗಳನ್ನು https://kppp.karnataka.gov.in ಪೋರ್ಟಲ್‌ನಲ್ಲಿ ದಿನಾಂಕ: 13-10-2025 ರಂದು ಸಂಜೆ 16.30 ಘಂಟೆಯೊಳಗೆ ಸಲ್ಲಿಸಬಹುದು. ಟೆಂಡರ್ ಕುರಿತ ಹೆಚ್ಚಿನ ಮಾಹಿತಿಯನ್ನು ಕಚೇರಿ ವೇಳೆಯಲ್ಲಿ ಹಾಗೂ ದೂರವಾಣಿ ಸಂಖ್ಯೆ 08336-222163 ರಲ್ಲಿ ಪಡೆಯಬಹುದು.

ಸಹಿ/- ಕಾರ್ಯನಿರ್ವಾಹಕ ಇಂಜಿನೀಯರ್,
ಕೆನಿನಿ, ಕಳಸಾ ಯೋಜನಾ ವಿಭಾಗ, ಖಾನಾಪೂರ
ನಿನಿ/ಮಸಂ/ಅಧಿಸೂಚನೆ/2025-26
ಕರ್ನಾಟಕ ಸರ್ಕಾರ
ಕಾರ್ಯನಿರ್ವಾಹಕ ಇಂಜಿನಿಯರರ
ಲೋಕೋಪಯೋಗಿ ಇಲಾಖೆ ವಿಭಾಗ ಗದಗ
Phone No : 08372-238782 Fax No. 08372-237268
E.Mail : eepwdgad@gmail.com
ಸಂ:ಕಾನಿಇಂ/ಲೋಇಇಲಾಖೆಗಳು/ಸಿಆರ್-3-4 ಟೆಂ.ಪ್ರ/2025-26/2697
ದಿನಾಂಕ : 29/09/2025
ಟೆಂಡರ್ ಪ್ರಕಟಣೆ

ಕರ್ನಾಟಕ ರಾಜ್ಯಪಾಲರ ಪರವಾಗಿ ಈ ಕೆಳಗೆ ಸಹಿ ಮಾಡಿದವರು ಕೆಳಕಾಣಿಸಿದ ಕಾಮಗಾರಿಗಳಿಗೆ ಕೆಟಿಟಿಪಿ ಕಾಯ್ದೆ 1999 ಮತ್ತು ನಿಯಮಗಳು 2000 ರನ್ವಯ ಅರ್ಹ ನೋಂದಾಯಿತ ಗುತ್ತಿಗೆದಾರರಿಂದ ಇ-ಸಂಗ್ರಹಣೆ ಮುಖಾಂತರ ಟೆಂಡರ್ ಆಹ್ವಾನಿಸಲಾಗಿದೆ. ಒಟ್ಟು ಕಾಮಗಾರಿಗಳ ಅಂದಾಜು ಮೊತ್ತ ಒಟ್ಟು 239.43 ಲಕ್ಷ ಮತ್ತು ಮೊತ್ತ ರೂ. 72.07 ಲಕ್ಷ. ಟೆಂಡರ್ ದಾಖಲೆಗಳನ್ನು (kppp) ಪೋರ್ಟಲ್‌ನಲ್ಲಿ ದಿನಾಂಕ: 04-10-2025 ರಿಂದ 400 ಘಂಟೆಯೊಳಗೆ ಸಲ್ಲಿಸಬಹುದು.

ಪರಿಶೀಲನೆ ಮತ್ತು ಇತರೆ ಷರತ್ತುಗಳಿಗೆ, ಕೆಲಸ–1 ಹಾಗೂ ಕೆಲಸ–2 ಕಾಮಗಾರಿಗಳ ಟೆಂಡರ್‌ಗಳನ್ನು ದಿನಾಂಕ: 06-10-2025 ರಿಂದ 400 ಘಂಟೆಯೊಳಗೆ ಸಲ್ಲಿಸಬಹುದು. ತಾಂತ್ರಿಕ ಬಿಡ್ ದಿನಾಂಕ: 08-10-2025 ಹಾಗೂ ಹಣಕಾಸು ಬಿಡ್ ದಿನಾಂಕ: 09-10-2025 ರಂದು ತೆರೆಯಲಾಗುವುದು. ಹೆಚ್ಚಿನ ಮಾಹಿತಿಯನ್ನು ಕಚೇರಿ ವೇಳೆಯಲ್ಲಿ ಪಡೆಯಬಹುದು.

ಸಹಿ/- ಕಾರ್ಯನಿರ್ವಾಹಕ ಇಂಜಿನಿಯರ್,
ಲೋಕೋಪಯೋಗಿ ಇಲಾಖೆ, ಗದಗ ವಿಭಾಗ, ಗದಗ
ಕರ್ನಾಟಕ ಸರ್ಕಾರ
ಕಾರ್ಯನಿರ್ವಾಹಕ ಇಂಜಿನಿಯರರ ಕಚೇರಿ
ಲೋಕೋಪಯೋಗಿ ಇ&ವ ವಿಭಾಗ, ಗದಗ
ಸಂ:ಕಾಸಇಂ/ಲೋಕೋಇಲಾಕೆಲ್ಸ-3–4 ಟೆಂ.ಪ್ರ/2025-26/2697
ಟೆಂಡರ್ ಪ್ರಕಟಣೆ : 29/09/2025
ಟೆಂಡರ್ ಪ್ರಕಟಣೆ

ಕರ್ನಾಟಕ ರಾಜ್ಯಪಾಲರ ಪರವಾಗಿ ಈ ಕೆಳಗೆ ಸಹಿ ಮಾಡಿದವರು ಅರ್ಹ ನೋಂದಾಯಿತ ಗುತ್ತಿಗೆದಾರರಿಂದ ಈ ಕೆಳ ಕಿರ್ತದ ಅನುದಾನದ ಅಡಿಯಲ್ಲಿ ಒಟ್ಟು 239.43 ಲಕ್ಷ ಮೊತ್ತದ ಹಾಗೂ ಮೊತ್ತ ರೂ. 72.07 ಲಕ್ಷ ಕಾಮಗಾರಿಗಳಿಗೆ ಕೆಟಿಟಿಪಿ (kppp) ನೊಂದಣಿ ಪೋರ್ಟಲ್ ಮುಖಾಂತರ ಟೆಂಡರ್ ಆಹ್ವಾನಿಸಿದೆ.

ಟೆಂಡರ್ ದಾಖಲೆಗಳನ್ನು ದಿನಾಂಕ: 04-10-2025 ರಿಂದ ಸ್ವೀಕರಿಸಿ, ಕೊನೆಯ ದಿನಾಂಕ: 06-10-2025 400 ಘಂಟೆಯೊಳಗೆ ಸಲ್ಲಿಸತಕ್ಕದ್ದು. ತಾಂತ್ರಿಕ ಮತ್ತು ಹಣಕಾಸು ಬಿಡ್‌ಗಳನ್ನು ದಿನಾಂಕ: 08-10-2025 ಮತ್ತು 09-10-2025 ರಂದು ತೆರೆಯಲಾಗುವುದು.

ಪರಿಷ್ಕೃತ ಮಾಹಿತಿ ಮತ್ತು ಷರತ್ತುಗಳು, ಕೆಲಸ–1 ಹಾಗೂ ಕೆಲಸ–2 ರ ವಿವರಗಳನ್ನು ಕಚೇರಿ ವೇಳೆಯಲ್ಲಿ ಪಡೆಯಬಹುದು. ಟೆಂಡರ್‌ಗಳನ್ನು ಅಂಗೀಕರಿಸುವ ಅಥವಾ ತಿರಸ್ಕರಿಸುವ ಅಧಿಕಾರವನ್ನು ಕಾಯ್ದಿರಿಸಲಾಗಿದೆ.

GST shall be paid separately as per prevailing Government Order. The increase in GST shall not be paid in the extended period of contract for which the contractor alone is responsible for delay as determined by the authority while granting the extension of time.

ಸಹಿ/- ಕಾರ್ಯನಿರ್ವಾಹಕ ಇಂಜಿನಿಯರ್(ಪ್ರ)/311/2025-26
ಗದಗ ವಿಭಾಗ, ಗದಗ
ಗೌರವಾನ್ವಿತ ಹಿರಿಯ ಸಿವಿಲ್ ಜಡ್ಜ್ ಮತ್ತು ಜೆ.ಎಂ.ಎಫ್.ಸಿ. ರವರ
ನ್ಯಾಯಾಲಯದಲ್ಲಿ, ಹೊಳೆಹೊನ್ನೂರು
ಸಿ.ಮಿಸ್ : 209/2025

1) ಚೆನ್ನಮ್ಮ ಕೋಂ ಕೆಂಚಪ್ಪ, ಸುಮಾರು 68 ವರ್ಷ, 2) ತಿಮ್ಮಪ್ಪ ಬಿನ್ ಕೆಂಚಪ್ಪ, ಇವರು ತಮ್ಮ ಕುಟುಂಬದ ಆಸ್ತಿಯ ವಾರಸಾ ಹಕ್ಕು ಘೋಷಣೆಗೆ ಅರ್ಜಿ ಸಲ್ಲಿಸಿರುತ್ತಾರೆ.

ಈ ಬಗ್ಗೆ ಆಕ್ಷೇಪಣೆ ಇರುವವರು ದಿನಾಂಕ:17-10-2025 ರೊಳಗೆ ಈ ನ್ಯಾಯಾಲಯದ ಮುಂದೆ ಹಾಜರಾಗಿ ಆಕ್ಷೇಪಣೆ ಸಲ್ಲಿಸಬಹುದು. ತಪ್ಪಿದಲ್ಲಿ ಮುಂದಿನ ವಿಚಾರಣೆ ನಡೆಸಿ ಆದೇಶ ಹೊರಡಿಸಲಾಗುವುದು ಎಂದು ಪ್ರಕಟಿಸಲಾಗಿದೆ.

ದಿನಾಂಕ : 29-09-2025
ನ್ಯಾಯಾಲಯದ ಆದೇಶದ ಮೇರೆಗೆ
DIPR/ADKIW/SMCA/555/25-26 dt: 20.09.2025
